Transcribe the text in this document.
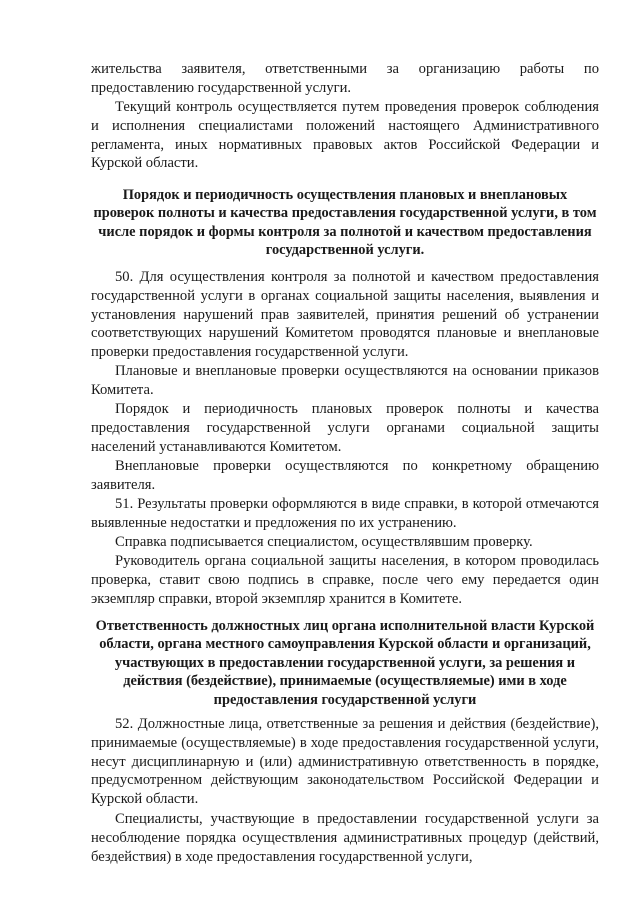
жительства заявителя, ответственными за организацию работы по предоставлению государственной услуги.

Текущий контроль осуществляется путем проведения проверок соблюдения и исполнения специалистами положений настоящего Административного регламента, иных нормативных правовых актов Российской Федерации и Курской области.

Порядок и периодичность осуществления плановых и внеплановых проверок полноты и качества предоставления государственной услуги, в том числе порядок и формы контроля за полнотой и качеством предоставления государственной услуги.

50. Для осуществления контроля за полнотой и качеством предоставления государственной услуги в органах социальной защиты населения, выявления и установления нарушений прав заявителей, принятия решений об устранении соответствующих нарушений Комитетом проводятся плановые и внеплановые проверки предоставления государственной услуги.

Плановые и внеплановые проверки осуществляются на основании приказов Комитета.

Порядок и периодичность плановых проверок полноты и качества предоставления государственной услуги органами социальной защиты населений устанавливаются Комитетом.

Внеплановые проверки осуществляются по конкретному обращению заявителя.

51. Результаты проверки оформляются в виде справки, в которой отмечаются выявленные недостатки и предложения по их устранению.

Справка подписывается специалистом, осуществлявшим проверку.

Руководитель органа социальной защиты населения, в котором проводилась проверка, ставит свою подпись в справке, после чего ему передается один экземпляр справки, второй экземпляр хранится в Комитете.

Ответственность должностных лиц органа исполнительной власти Курской области, органа местного самоуправления Курской области и организаций, участвующих в предоставлении государственной услуги, за решения и действия (бездействие), принимаемые (осуществляемые) ими в ходе предоставления государственной услуги

52. Должностные лица, ответственные за решения и действия (бездействие), принимаемые (осуществляемые) в ходе предоставления государственной услуги, несут дисциплинарную и (или) административную ответственность в порядке, предусмотренном действующим законодательством Российской Федерации и Курской области.

Специалисты, участвующие в предоставлении государственной услуги за несоблюдение порядка осуществления административных процедур (действий, бездействия) в ходе предоставления государственной услуги,
